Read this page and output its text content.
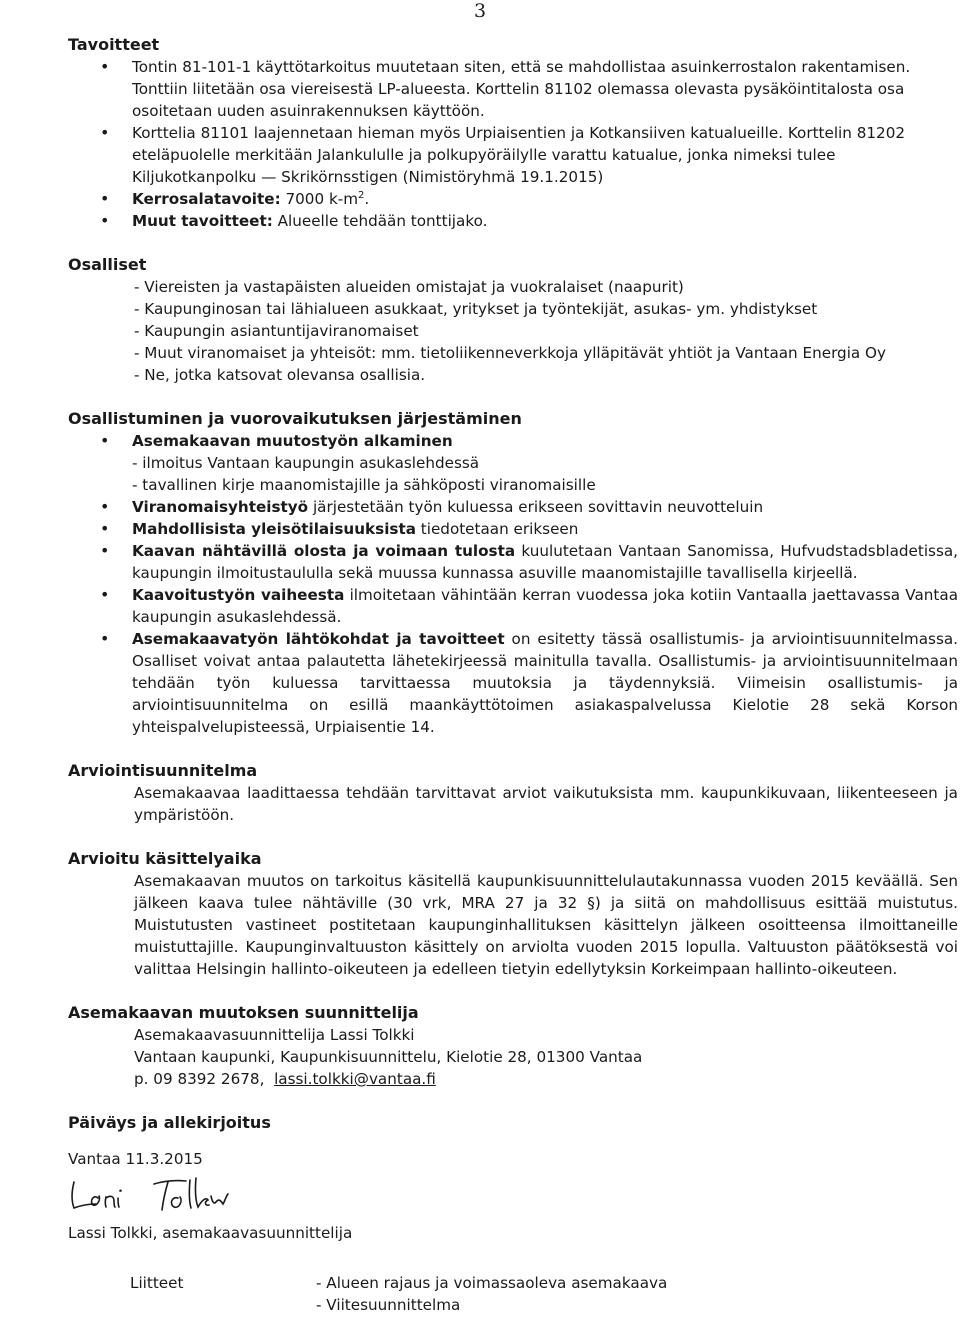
3
Tavoitteet
• Tontin 81-101-1 käyttötarkoitus muutetaan siten, että se mahdollistaa asuinkerrostalon rakentamisen. Tonttiin liitetään osa viereisestä LP-alueesta. Korttelin 81102 olemassa olevasta pysäköintitalosta osa osoitetaan uuden asuinrakennuksen käyttöön.
• Korttelia 81101 laajennetaan hieman myös Urpiaisentien ja Kotkansiiven katualueille. Korttelin 81202 eteläpuolelle merkitään Jalankululle ja polkupyöräilylle varattu katualue, jonka nimeksi tulee Kiljukotkanpolku — Skrikörnsstigen (Nimistöryhmä 19.1.2015)
• Kerrosalatavoite: 7000 $k-m^2$.
• Muut tavoitteet: Alueelle tehdään tonttijako.
Osalliset
- Viereisten ja vastapäisten alueiden omistajat ja vuokralaiset (naapurit)
- Kaupunginosan tai lähialueen asukkaat, yritykset ja työntekijät, asukas- ym. yhdistykset
- Kaupungin asiantuntijaviranomaiset
- Muut viranomaiset ja yhteisöt: mm. tietoliikenneverkkoja ylläpitävät yhtiöt ja Vantaan Energia Oy
- Ne, jotka katsovat olevansa osallisia.
Osallistuminen ja vuorovaikutuksen järjestäminen
• Asemakaavan muutostyön alkaminen
- ilmoitus Vantaan kaupungin asukaslehdessä
- tavallinen kirje maanomistajille ja sähköposti viranomaisille
• Viranomaisyhteistyö järjestetään työn kuluessa erikseen sovittavin neuvotteluin
• Mahdollisista yleisötilaisuuksista tiedotetaan erikseen
• Kaavan nähtävillä olosta ja voimaan tulosta kuulutetaan Vantaan Sanomissa, Hufvudstadsbladetissa, kaupungin ilmoitustaululla sekä muussa kunnassa asuville maanomistajille tavallisella kirjeellä.
• Kaavoitustyön vaiheesta ilmoitetaan vähintään kerran vuodessa joka kotiin Vantaalla jaettavassa Vantaa kaupungin asukaslehdessä.
• Asemakaavatyön lähtökohdat ja tavoitteet on esitetty tässä osallistumis- ja arviointisuunnitelmassa. Osalliset voivat antaa palautetta lähetekirjeessä mainitulla tavalla. Osallistumis- ja arviointisuunnitelmaan tehdään työn kuluessa tarvittaessa muutoksia ja täydennyksiä. Viimeisin osallistumis- ja arviointisuunnitelma on esillä maankäyttötoimen asiakaspalvelussa Kielotie 28 sekä Korson yhteispalvelupisteessä, Urpiaisentie 14.
Arviointisuunnitelma
Asemakaavaa laadittaessa tehdään tarvittavat arviot vaikutuksista mm. kaupunkikuvaan, liikenteeseen ja ympäristöön.
Arvioitu käsittelyaika
Asemakaavan muutos on tarkoitus käsitellä kaupunkisuunnittelulautakunnassa vuoden 2015 keväällä. Sen jälkeen kaava tulee nähtäville (30 vrk, MRA 27 ja 32 §) ja siitä on mahdollisuus esittää muistutus. Muistutusten vastineet postitetaan kaupunginhallituksen käsittelyn jälkeen osoitteensa ilmoittaneille muistuttajille. Kaupunginvaltuuston käsittely on arviolta vuoden 2015 lopulla. Valtuuston päätöksestä voi valittaa Helsingin hallinto-oikeuteen ja edelleen tietyin edellytyksin Korkeimpaan hallinto-oikeuteen.
Asemakaavan muutoksen suunnittelija
Asemakaavasuunnittelija Lassi Tolkki
Vantaan kaupunki, Kaupunkisuunnittelu, Kielotie 28, 01300 Vantaa
p. 09 8392 2678, lassi.tolkki@vantaa.fi
Päiväys ja allekirjoitus
Vantaa 11.3.2015
Lassi Tolkki, asemakaavasuunnittelija
Liitteet	- Alueen rajaus ja voimassaoleva asemakaava
- Viitesuunnittelma
